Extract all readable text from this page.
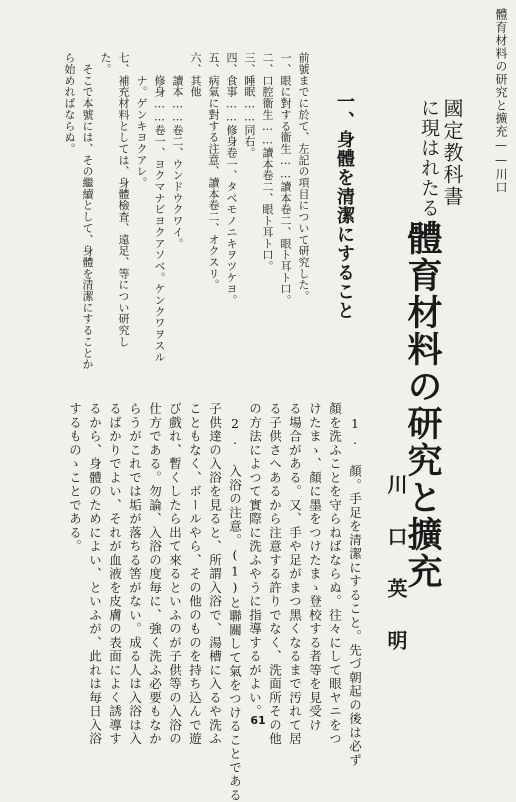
體育材料の研究と擴充——川口
國定教科書
に現はれたる
體育材料の研究と擴充
川 口 英 明
一、身體を清潔にすること
前號までに於て、左記の項目について研究した。
一、眼に對する衞生……讀本卷二、眼ト耳ト口。
二、口腔衞生……讀本卷二、眼ト耳ト口。
三、睡眠……同右。
四、食事……修身卷一、タベモノニキヲツケヨ。
五、病氣に對する注意、讀本卷二、オクスリ。
六、其他
　　讀本……卷二、ウンドウクワイ。
　　修身……卷一、ヨクマナビヨクアソベ。ケンクワヲスル
　　ナ。ゲンキヨクアレ。
七、補充材料としては、身體檢査、遠足、等につい研究し
た。
　そこで本號には、その繼續として、身體を清潔にすることか
ら始めればならぬ。
　1. 顏。手足を清潔にすること。先づ朝起の後は必ず
顏を洗ふことを守らねばならぬ。往々にして眼ヤニをつ
けたまゝ、顏に墨をつけたまゝ登校する者等を見受け
る場合がある。又、手や足がまつ黑くなるまで汚れて居
る子供さへあるから注意する許りでなく、洗面所その他
の方法によつて實際に洗ふやうに指導するがよい。
　2. 入浴の注意。(1)と聯關して氣をつけることである
子供達の入浴を見ると、所謂入浴で、湯槽に入るや洗ふ
こともなく、ボールやら、その他のものを持ち込んで遊
び戲れ、暫くしたら出て來るといふのが子供等の入浴の
仕方である。勿論、入浴の度毎に、強く洗ふ必要もなか
らうがこれでは垢が落ちる筈がない。成る人は入浴は入
るばかりでよい、それが血液を皮膚の表面によく誘導す
るから、身體のためによい、といふが、此れは毎日入浴
するものゝことである。
61
